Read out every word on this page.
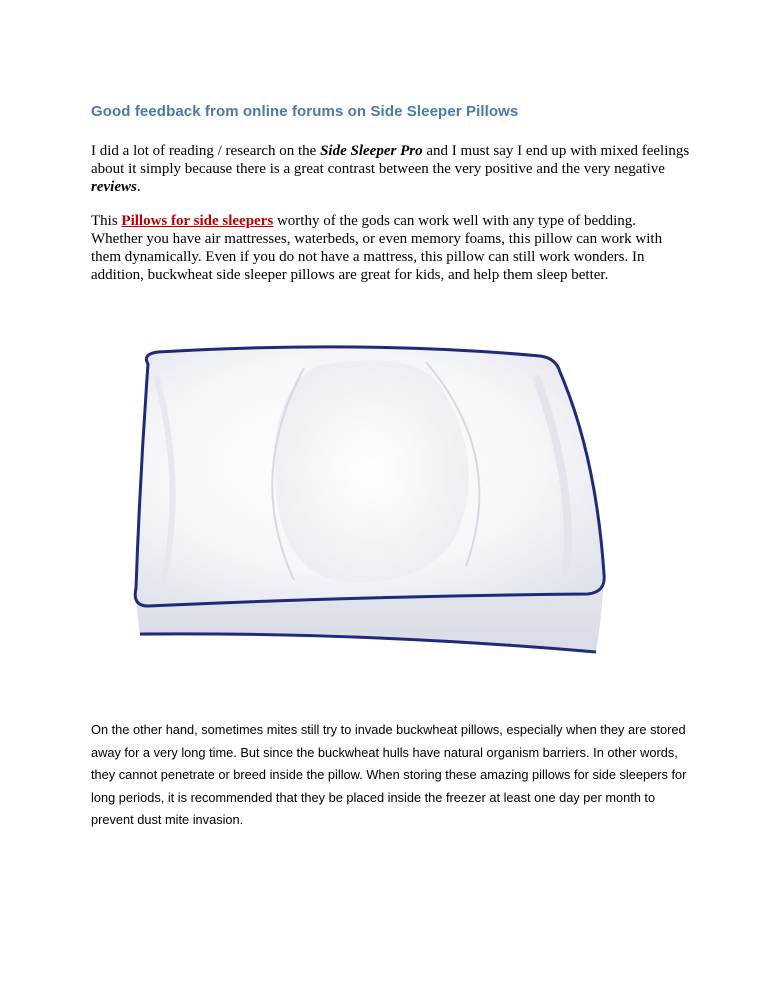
Good feedback from online forums on Side Sleeper Pillows

I did a lot of reading / research on the Side Sleeper Pro and I must say I end up with mixed feelings about it simply because there is a great contrast between the very positive and the very negative reviews.

This Pillows for side sleepers worthy of the gods can work well with any type of bedding. Whether you have air mattresses, waterbeds, or even memory foams, this pillow can work with them dynamically. Even if you do not have a mattress, this pillow can still work wonders. In addition, buckwheat side sleeper pillows are great for kids, and help them sleep better.

On the other hand, sometimes mites still try to invade buckwheat pillows, especially when they are stored away for a very long time. But since the buckwheat hulls have natural organism barriers. In other words, they cannot penetrate or breed inside the pillow. When storing these amazing pillows for side sleepers for long periods, it is recommended that they be placed inside the freezer at least one day per month to prevent dust mite invasion.
